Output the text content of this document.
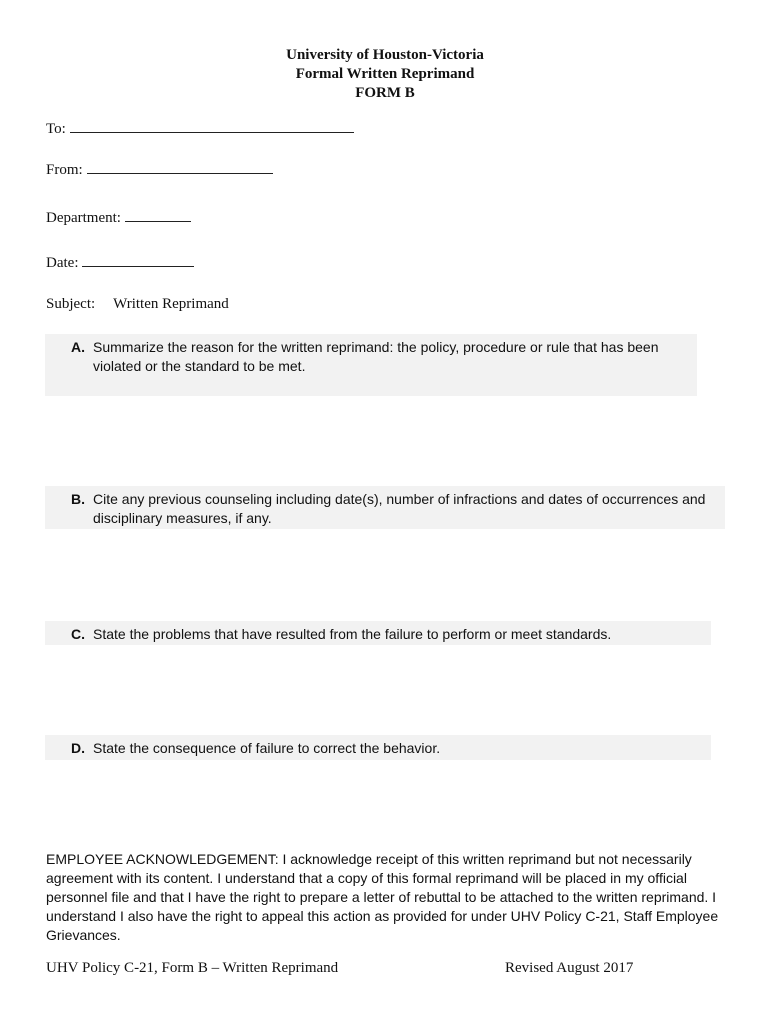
University of Houston-Victoria
Formal Written Reprimand
FORM B
To:
From:
Department:
Date:
Subject: Written Reprimand
A. Summarize the reason for the written reprimand: the policy, procedure or rule that has been violated or the standard to be met.
B. Cite any previous counseling including date(s), number of infractions and dates of occurrences and disciplinary measures, if any.
C. State the problems that have resulted from the failure to perform or meet standards.
D. State the consequence of failure to correct the behavior.
EMPLOYEE ACKNOWLEDGEMENT: I acknowledge receipt of this written reprimand but not necessarily agreement with its content. I understand that a copy of this formal reprimand will be placed in my official personnel file and that I have the right to prepare a letter of rebuttal to be attached to the written reprimand. I understand I also have the right to appeal this action as provided for under UHV Policy C-21, Staff Employee Grievances.
UHV Policy C-21, Form B – Written Reprimand	Revised August 2017
